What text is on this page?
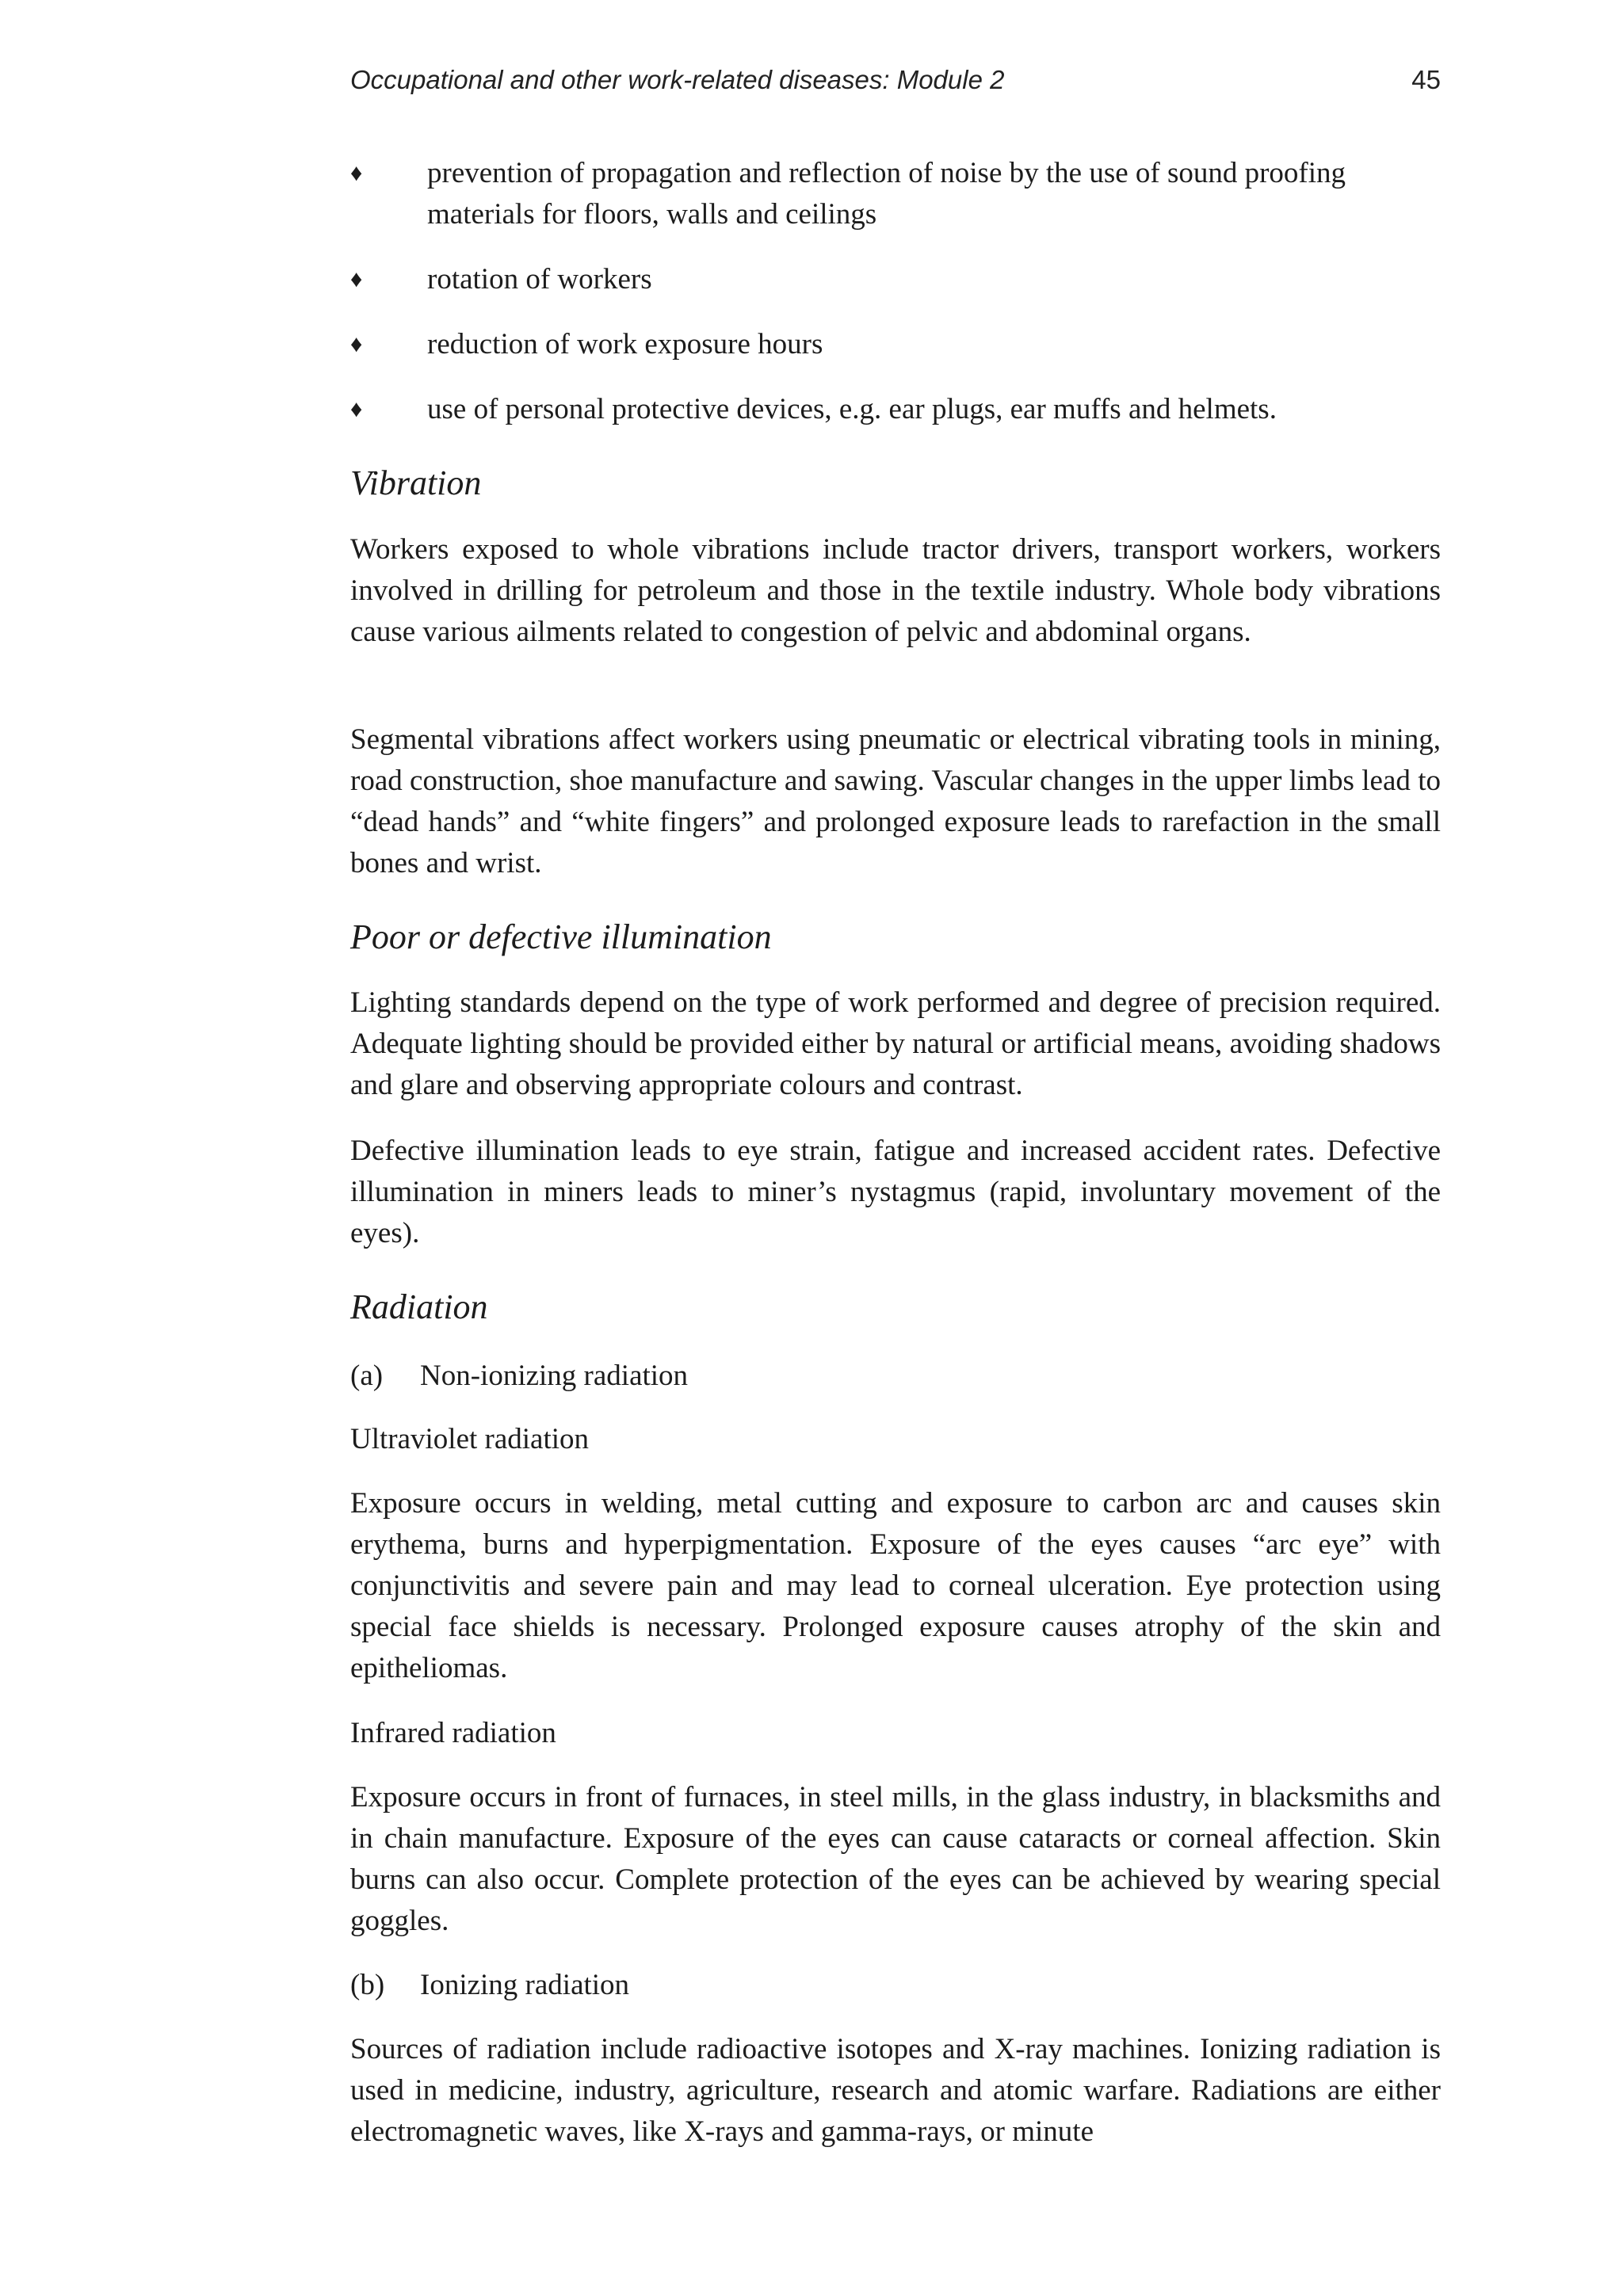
Occupational and other work-related diseases: Module 2	45
♦ prevention of propagation and reflection of noise by the use of sound proofing materials for floors, walls and ceilings
♦ rotation of workers
♦ reduction of work exposure hours
♦ use of personal protective devices, e.g. ear plugs, ear muffs and helmets.
Vibration

Workers exposed to whole vibrations include tractor drivers, transport workers, workers involved in drilling for petroleum and those in the textile industry. Whole body vibrations cause various ailments related to congestion of pelvic and abdominal organs.

Segmental vibrations affect workers using pneumatic or electrical vibrating tools in mining, road construction, shoe manufacture and sawing. Vascular changes in the upper limbs lead to “dead hands” and “white fingers” and prolonged exposure leads to rarefaction in the small bones and wrist.

Poor or defective illumination

Lighting standards depend on the type of work performed and degree of precision required. Adequate lighting should be provided either by natural or artificial means, avoiding shadows and glare and observing appropriate colours and contrast.

Defective illumination leads to eye strain, fatigue and increased accident rates. Defective illumination in miners leads to miner’s nystagmus (rapid, involuntary movement of the eyes).

Radiation
(a) Non-ionizing radiation

Ultraviolet radiation

Exposure occurs in welding, metal cutting and exposure to carbon arc and causes skin erythema, burns and hyperpigmentation. Exposure of the eyes causes “arc eye” with conjunctivitis and severe pain and may lead to corneal ulceration. Eye protection using special face shields is necessary. Prolonged exposure causes atrophy of the skin and epitheliomas.

Infrared radiation

Exposure occurs in front of furnaces, in steel mills, in the glass industry, in blacksmiths and in chain manufacture. Exposure of the eyes can cause cataracts or corneal affection. Skin burns can also occur. Complete protection of the eyes can be achieved by wearing special goggles.

(b) Ionizing radiation

Sources of radiation include radioactive isotopes and X-ray machines. Ionizing radiation is used in medicine, industry, agriculture, research and atomic warfare. Radiations are either electromagnetic waves, like X-rays and gamma-rays, or minute
